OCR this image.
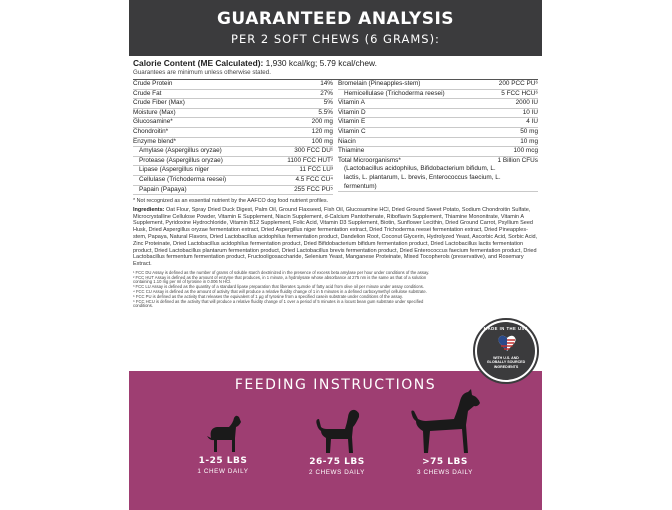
GUARANTEED ANALYSIS
PER 2 SOFT CHEWS (6 GRAMS):
Calorie Content (ME Calculated): 1,930 kcal/kg; 5.79 kcal/chew.
Guarantees are minimum unless otherwise stated.
Crude Protein	14%
Crude Fat	27%
Crude Fiber (Max)	5%
Moisture (Max)	5.5%
Glucosamine*	200 mg
Chondroitin*	120 mg
Enzyme blend*	100 mg
Amylase (Aspergillus oryzae)	300 FCC DU¹
Protease (Aspergillus oryzae)	1100 FCC HUT²
Lipase (Aspergillus niger	11 FCC LU³
Cellulase (Trichoderma reesei)	4.5 FCC CU⁴
Papain (Papaya)	255 FCC PU⁵
Bromelain (Pineapples-stem)	200 PCC PU⁶
Hemicellulase (Trichoderma reesei)	5 FCC HCU⁶
Vitamin A	2000 IU
Vitamin D	10 IU
Vitamin E	4 IU
Vitamin C	50 mg
Niacin	10 mg
Thiamine	100 mcg
Total Microorganisms*	1 Billion CFUs
(Lactobacillus acidophilus, Bifidobacterium bifidum, L.
lactis, L. plantarum, L. brevis, Enterococcus faecium, L.
fermentum)
* Not recognized as an essential nutrient by the AAFCO dog food nutrient profiles.
Ingredients: Oat Flour, Spray Dried Duck Digest, Palm Oil, Ground Flaxseed, Fish Oil, Glucosamine HCl, Dried Ground Sweet Potato, Sodium Chondroitin Sulfate, Microcrystalline Cellulose Powder, Vitamin E Supplement, Niacin Supplement, d-Calcium Pantothenate, Riboflavin Supplement, Thiamine Mononitrate, Vitamin A Supplement, Pyridoxine Hydrochloride, Vitamin B12 Supplement, Folic Acid, Vitamin D3 Supplement, Biotin, Sunflower Lecithin, Dried Ground Carrot, Psyllium Seed Husk, Dried Aspergillus oryzae fermentation extract, Dried Aspergillus niger fermentation extract, Dried Trichoderma reesei fermentation extract, Dried Pineapples-stem, Papaya, Natural Flavors, Dried Lactobacillus acidophilus fermentation product, Dandelion Root, Coconut Glycerin, Hydrolyzed Yeast, Ascorbic Acid, Sorbic Acid, Zinc Proteinate, Dried Lactobacillus acidophilus fermentation product, Dried Bifidobacterium bifidum fermentation product, Dried Lactobacillus lactis fermentation product, Dried Lactobacillus plantarum fermentation product, Dried Lactobacillus brevis fermentation product, Dried Enterococcus faecium fermentation product, Dried Lactobacillus fermentum fermentation product, Fructooligosaccharide, Selenium Yeast, Manganese Proteinate, Mixed Tocopherols (preservative), and Rosemary Extract.
¹ FCC DU Assay is defined as the number of grams of soluble starch dextrinized in the presence of excess beta amylase per hour under conditions of the assay.
² FCC HUT Assay is defined as the amount of enzyme that produces, in 1 minute, a hydrolysate whose absorbance at 275 nm is the same as that of a solution containing 1.10 mg per ml of tyrosine in 0.006 N HCl.
³ FCC LU Assay is defined as the quantity of a standard lipase preparation that liberates 1µmole of fatty acid from olive oil per minute under assay conditions.
⁴ FCC CU Assay is defined as the amount of activity that will produce a relative fluidity change of 1 in 5 minutes in a defined carboxymethyl cellulose substrate.
⁵ FCC PU is defined as the activity that releases the equivalent of 1 µg of tyrosine from a specified casein substrate under conditions of the assay.
⁶ FCC HCU is defined as the activity that will produce a relative fluidity change of 1 over a period of 5 minutes in a locust bean gum substrate under specified conditions.
FEEDING INSTRUCTIONS
1-25 LBS
1 CHEW DAILY
26-75 LBS
2 CHEWS DAILY
>75 LBS
3 CHEWS DAILY
MADE IN THE USA
WITH U.S. AND
GLOBALLY SOURCED
INGREDIENTS
